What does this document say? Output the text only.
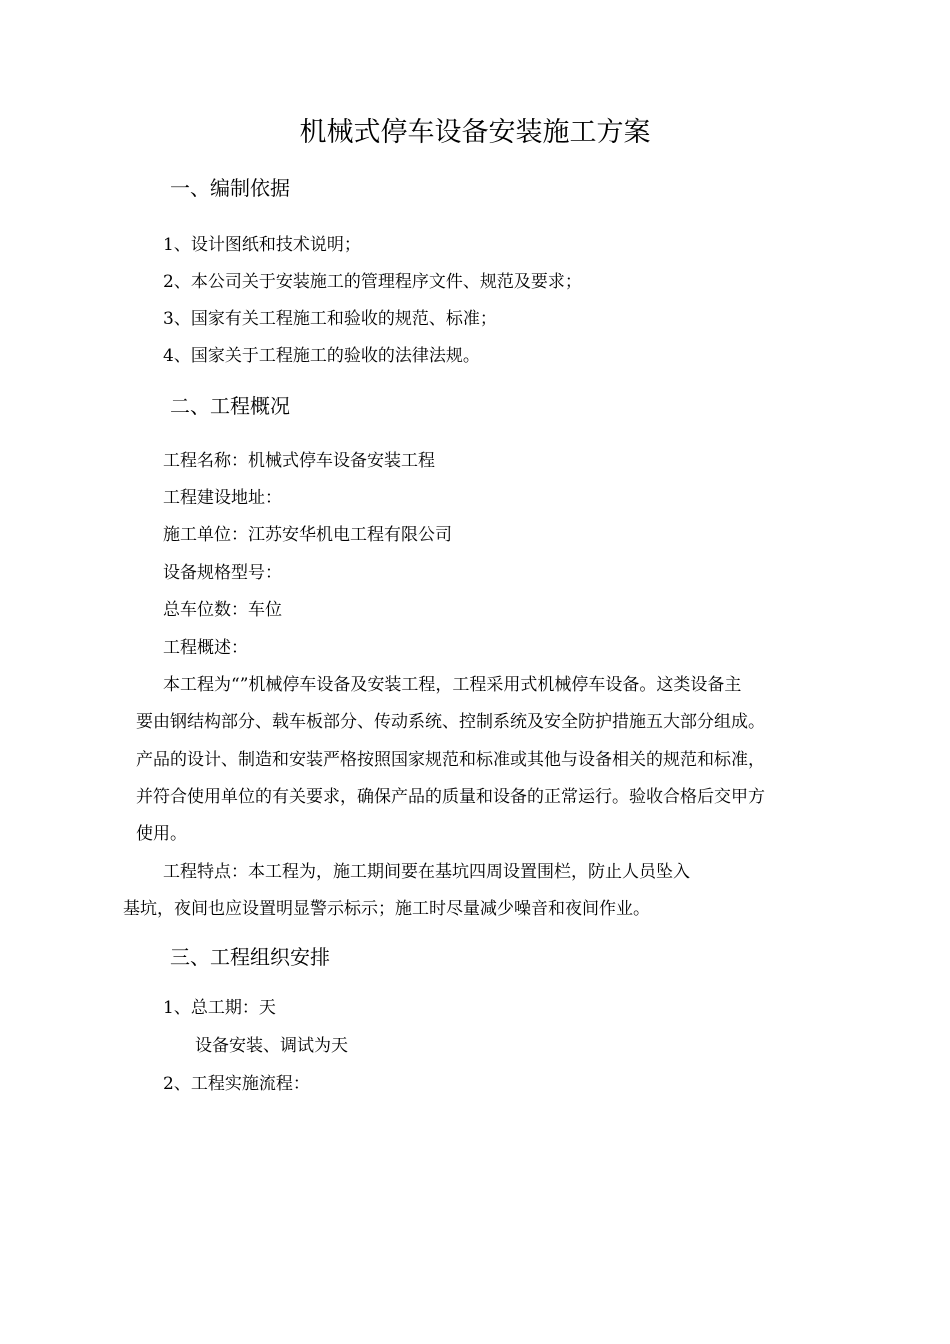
机械式停车设备安装施工方案
一、编制依据
1、设计图纸和技术说明；
2、本公司关于安装施工的管理程序文件、规范及要求；
3、国家有关工程施工和验收的规范、标准；
4、国家关于工程施工的验收的法律法规。
二、工程概况
工程名称：机械式停车设备安装工程
工程建设地址：
施工单位：江苏安华机电工程有限公司
设备规格型号：
总车位数：车位
工程概述：
本工程为“”机械停车设备及安装工程，工程采用式机械停车设备。这类设备主
要由钢结构部分、载车板部分、传动系统、控制系统及安全防护措施五大部分组成。
产品的设计、制造和安装严格按照国家规范和标准或其他与设备相关的规范和标准，
并符合使用单位的有关要求，确保产品的质量和设备的正常运行。验收合格后交甲方
使用。
工程特点：本工程为，施工期间要在基坑四周设置围栏，防止人员坠入
基坑，夜间也应设置明显警示标示；施工时尽量减少噪音和夜间作业。
三、工程组织安排
1、总工期：天
设备安装、调试为天
2、工程实施流程：
